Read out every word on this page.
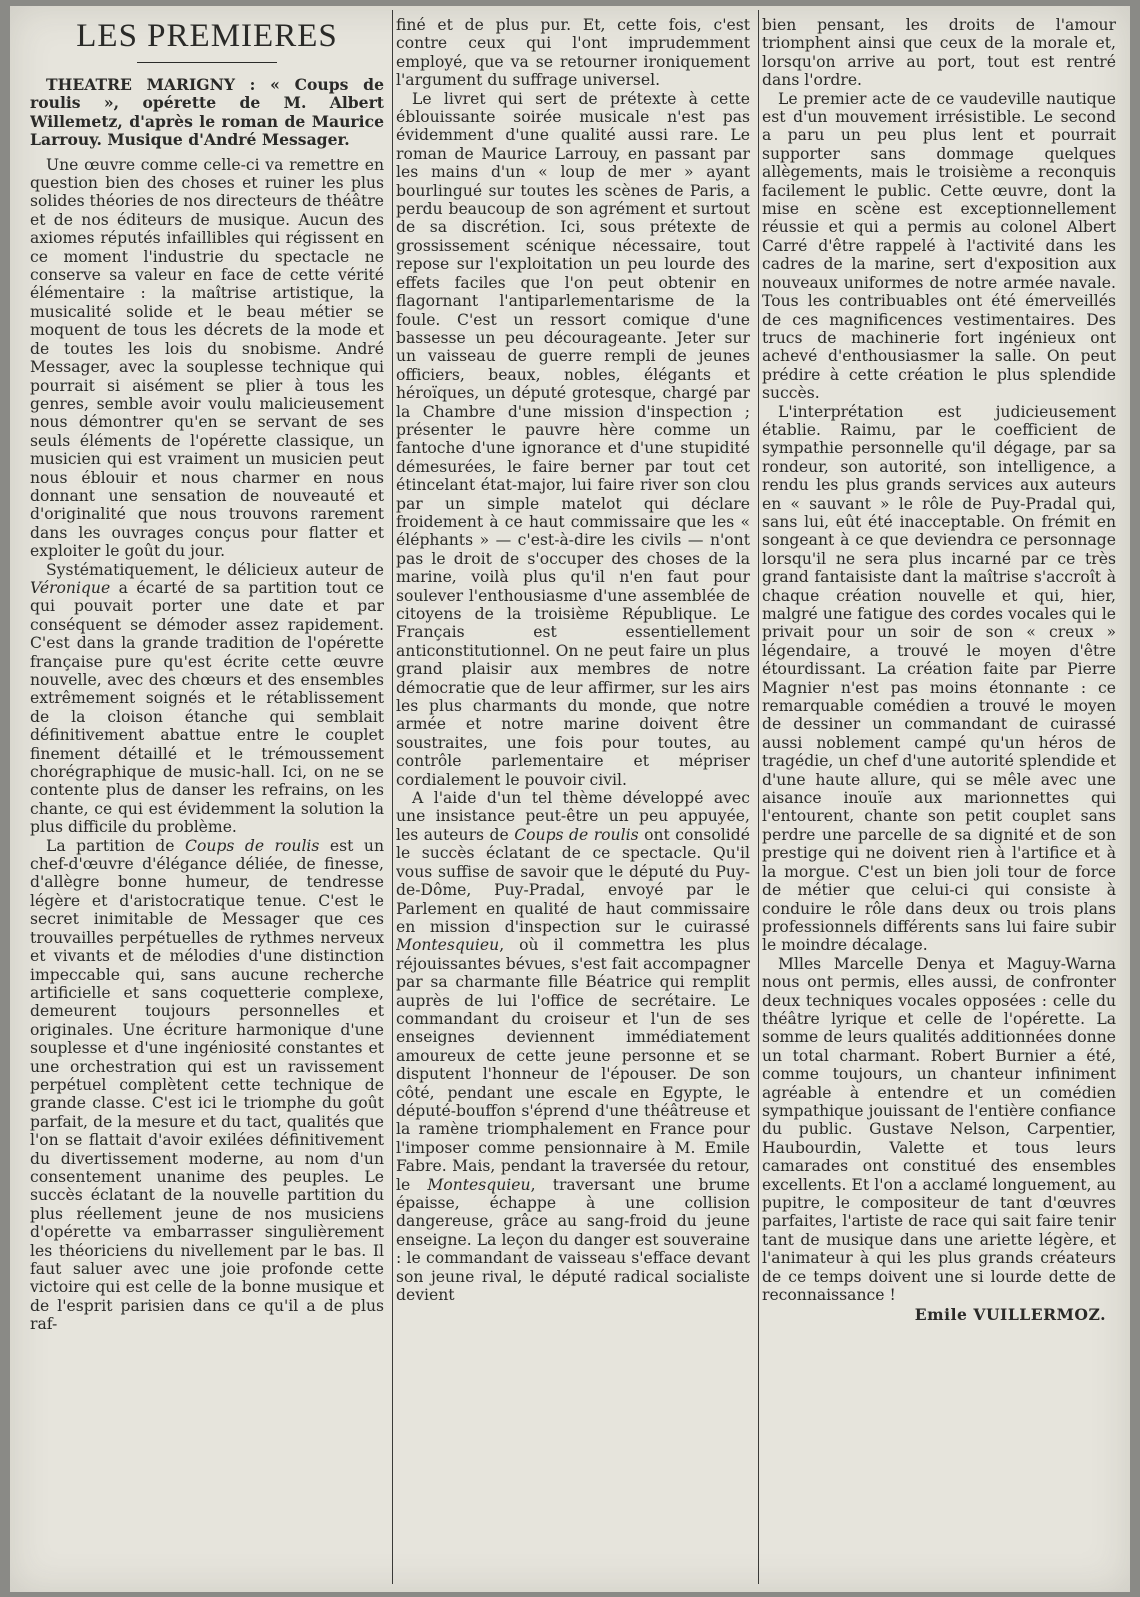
LES PREMIERES
THEATRE MARIGNY : « Coups de roulis », opérette de M. Albert Willemetz, d'après le roman de Maurice Larrouy. Musique d'André Messager.

Une œuvre comme celle-ci va remettre en question bien des choses et ruiner les plus solides théories de nos directeurs de théâtre et de nos éditeurs de musique. Aucun des axiomes réputés infaillibles qui régissent en ce moment l'industrie du spectacle ne conserve sa valeur en face de cette vérité élémentaire : la maîtrise artistique, la musicalité solide et le beau métier se moquent de tous les décrets de la mode et de toutes les lois du snobisme. André Messager, avec la souplesse technique qui pourrait si aisément se plier à tous les genres, semble avoir voulu malicieusement nous démontrer qu'en se servant de ses seuls éléments de l'opérette classique, un musicien qui est vraiment un musicien peut nous éblouir et nous charmer en nous donnant une sensation de nouveauté et d'originalité que nous trouvons rarement dans les ouvrages conçus pour flatter et exploiter le goût du jour.

Systématiquement, le délicieux auteur de Véronique a écarté de sa partition tout ce qui pouvait porter une date et par conséquent se démoder assez rapidement. C'est dans la grande tradition de l'opérette française pure qu'est écrite cette œuvre nouvelle, avec des chœurs et des ensembles extrêmement soignés et le rétablissement de la cloison étanche qui semblait définitivement abattue entre le couplet finement détaillé et le trémoussement chorégraphique de music-hall. Ici, on ne se contente plus de danser les refrains, on les chante, ce qui est évidemment la solution la plus difficile du problème.

La partition de Coups de roulis est un chef-d'œuvre d'élégance déliée, de finesse, d'allègre bonne humeur, de tendresse légère et d'aristocratique tenue. C'est le secret inimitable de Messager que ces trouvailles perpétuelles de rythmes nerveux et vivants et de mélodies d'une distinction impeccable qui, sans aucune recherche artificielle et sans coquetterie complexe, demeurent toujours personnelles et originales. Une écriture harmonique d'une souplesse et d'une ingéniosité constantes et une orchestration qui est un ravissement perpétuel complètent cette technique de grande classe. C'est ici le triomphe du goût parfait, de la mesure et du tact, qualités que l'on se flattait d'avoir exilées définitivement du divertissement moderne, au nom d'un consentement unanime des peuples. Le succès éclatant de la nouvelle partition du plus réellement jeune de nos musiciens d'opérette va embarrasser singulièrement les théoriciens du nivellement par le bas. Il faut saluer avec une joie profonde cette victoire qui est celle de la bonne musique et de l'esprit parisien dans ce qu'il a de plus raf-

finé et de plus pur. Et, cette fois, c'est contre ceux qui l'ont imprudemment employé, que va se retourner ironiquement l'argument du suffrage universel.

Le livret qui sert de prétexte à cette éblouissante soirée musicale n'est pas évidemment d'une qualité aussi rare. Le roman de Maurice Larrouy, en passant par les mains d'un « loup de mer » ayant bourlingué sur toutes les scènes de Paris, a perdu beaucoup de son agrément et surtout de sa discrétion. Ici, sous prétexte de grossissement scénique nécessaire, tout repose sur l'exploitation un peu lourde des effets faciles que l'on peut obtenir en flagornant l'antiparlementarisme de la foule. C'est un ressort comique d'une bassesse un peu décourageante. Jeter sur un vaisseau de guerre rempli de jeunes officiers, beaux, nobles, élégants et héroïques, un député grotesque, chargé par la Chambre d'une mission d'inspection ; présenter le pauvre hère comme un fantoche d'une ignorance et d'une stupidité démesurées, le faire berner par tout cet étincelant état-major, lui faire river son clou par un simple matelot qui déclare froidement à ce haut commissaire que les « éléphants » — c'est-à-dire les civils — n'ont pas le droit de s'occuper des choses de la marine, voilà plus qu'il n'en faut pour soulever l'enthousiasme d'une assemblée de citoyens de la troisième République. Le Français est essentiellement anticonstitutionnel. On ne peut faire un plus grand plaisir aux membres de notre démocratie que de leur affirmer, sur les airs les plus charmants du monde, que notre armée et notre marine doivent être soustraites, une fois pour toutes, au contrôle parlementaire et mépriser cordialement le pouvoir civil.

A l'aide d'un tel thème développé avec une insistance peut-être un peu appuyée, les auteurs de Coups de roulis ont consolidé le succès éclatant de ce spectacle. Qu'il vous suffise de savoir que le député du Puy-de-Dôme, Puy-Pradal, envoyé par le Parlement en qualité de haut commissaire en mission d'inspection sur le cuirassé Montesquieu, où il commettra les plus réjouissantes bévues, s'est fait accompagner par sa charmante fille Béatrice qui remplit auprès de lui l'office de secrétaire. Le commandant du croiseur et l'un de ses enseignes deviennent immédiatement amoureux de cette jeune personne et se disputent l'honneur de l'épouser. De son côté, pendant une escale en Egypte, le député-bouffon s'éprend d'une théâtreuse et la ramène triomphalement en France pour l'imposer comme pensionnaire à M. Emile Fabre. Mais, pendant la traversée du retour, le Montesquieu, traversant une brume épaisse, échappe à une collision dangereuse, grâce au sang-froid du jeune enseigne. La leçon du danger est souveraine : le commandant de vaisseau s'efface devant son jeune rival, le député radical socialiste devient

bien pensant, les droits de l'amour triomphent ainsi que ceux de la morale et, lorsqu'on arrive au port, tout est rentré dans l'ordre.

Le premier acte de ce vaudeville nautique est d'un mouvement irrésistible. Le second a paru un peu plus lent et pourrait supporter sans dommage quelques allègements, mais le troisième a reconquis facilement le public. Cette œuvre, dont la mise en scène est exceptionnellement réussie et qui a permis au colonel Albert Carré d'être rappelé à l'activité dans les cadres de la marine, sert d'exposition aux nouveaux uniformes de notre armée navale. Tous les contribuables ont été émerveillés de ces magnificences vestimentaires. Des trucs de machinerie fort ingénieux ont achevé d'enthousiasmer la salle. On peut prédire à cette création le plus splendide succès.

L'interprétation est judicieusement établie. Raimu, par le coefficient de sympathie personnelle qu'il dégage, par sa rondeur, son autorité, son intelligence, a rendu les plus grands services aux auteurs en « sauvant » le rôle de Puy-Pradal qui, sans lui, eût été inacceptable. On frémit en songeant à ce que deviendra ce personnage lorsqu'il ne sera plus incarné par ce très grand fantaisiste dant la maîtrise s'accroît à chaque création nouvelle et qui, hier, malgré une fatigue des cordes vocales qui le privait pour un soir de son « creux » légendaire, a trouvé le moyen d'être étourdissant. La création faite par Pierre Magnier n'est pas moins étonnante : ce remarquable comédien a trouvé le moyen de dessiner un commandant de cuirassé aussi noblement campé qu'un héros de tragédie, un chef d'une autorité splendide et d'une haute allure, qui se mêle avec une aisance inouïe aux marionnettes qui l'entourent, chante son petit couplet sans perdre une parcelle de sa dignité et de son prestige qui ne doivent rien à l'artifice et à la morgue. C'est un bien joli tour de force de métier que celui-ci qui consiste à conduire le rôle dans deux ou trois plans professionnels différents sans lui faire subir le moindre décalage.

Mlles Marcelle Denya et Maguy-Warna nous ont permis, elles aussi, de confronter deux techniques vocales opposées : celle du théâtre lyrique et celle de l'opérette. La somme de leurs qualités additionnées donne un total charmant. Robert Burnier a été, comme toujours, un chanteur infiniment agréable à entendre et un comédien sympathique jouissant de l'entière confiance du public. Gustave Nelson, Carpentier, Haubourdin, Valette et tous leurs camarades ont constitué des ensembles excellents. Et l'on a acclamé longuement, au pupitre, le compositeur de tant d'œuvres parfaites, l'artiste de race qui sait faire tenir tant de musique dans une ariette légère, et l'animateur à qui les plus grands créateurs de ce temps doivent une si lourde dette de reconnaissance !

Emile VUILLERMOZ.
